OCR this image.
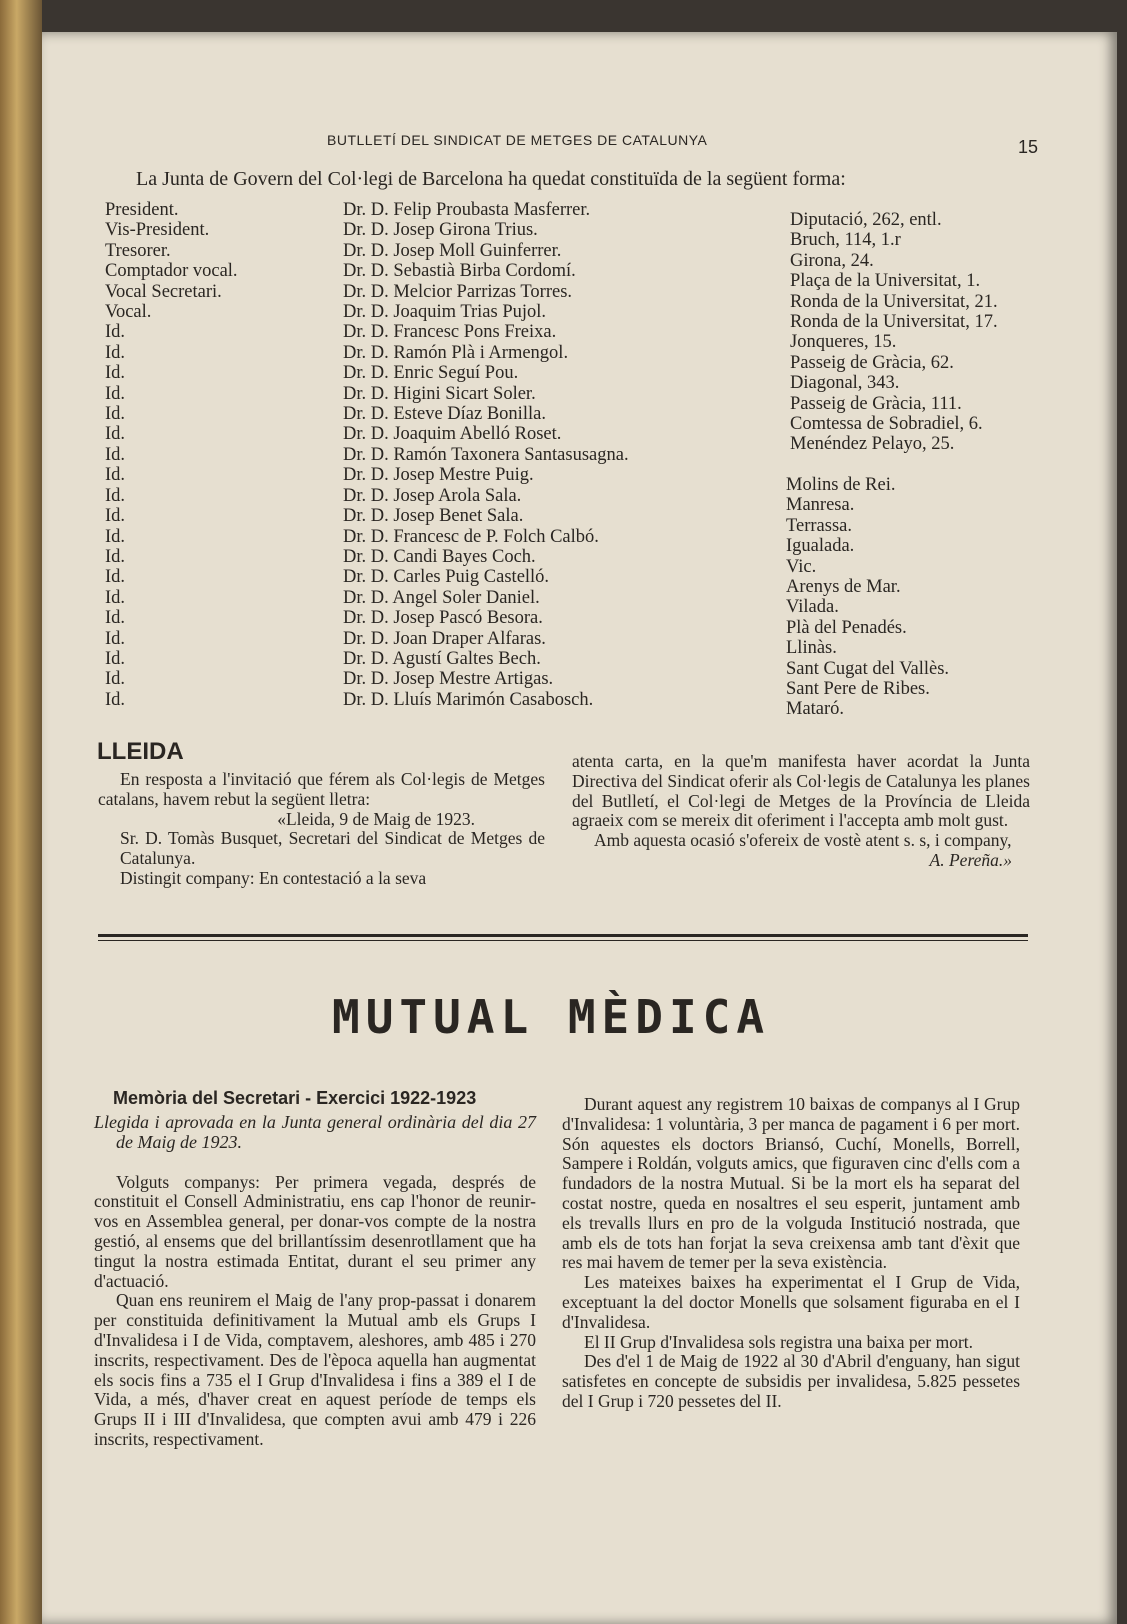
BUTLLETÍ DEL SINDICAT DE METGES DE CATALUNYA	15
La Junta de Govern del Col·legi de Barcelona ha quedat constituïda de la següent forma:
President.
Vis-President.
Tresorer.
Comptador vocal.
Vocal Secretari.
Vocal.
Id.
Id.
Id.
Id.
Id.
Id.
Id.
Id.
Id.
Id.
Id.
Id.
Id.
Id.
Id.
Id.
Id.
Id.
Id.
Dr. D. Felip Proubasta Masferrer.
Dr. D. Josep Girona Trius.
Dr. D. Josep Moll Guinferrer.
Dr. D. Sebastià Birba Cordomí.
Dr. D. Melcior Parrizas Torres.
Dr. D. Joaquim Trias Pujol.
Dr. D. Francesc Pons Freixa.
Dr. D. Ramón Plà i Armengol.
Dr. D. Enric Seguí Pou.
Dr. D. Higini Sicart Soler.
Dr. D. Esteve Díaz Bonilla.
Dr. D. Joaquim Abelló Roset.
Dr. D. Ramón Taxonera Santasusagna.
Dr. D. Josep Mestre Puig.
Dr. D. Josep Arola Sala.
Dr. D. Josep Benet Sala.
Dr. D. Francesc de P. Folch Calbó.
Dr. D. Candi Bayes Coch.
Dr. D. Carles Puig Castelló.
Dr. D. Angel Soler Daniel.
Dr. D. Josep Pascó Besora.
Dr. D. Joan Draper Alfaras.
Dr. D. Agustí Galtes Bech.
Dr. D. Josep Mestre Artigas.
Dr. D. Lluís Marimón Casabosch.
Diputació, 262, entl.
Bruch, 114, 1.r
Girona, 24.
Plaça de la Universitat, 1.
Ronda de la Universitat, 21.
Ronda de la Universitat, 17.
Jonqueres, 15.
Passeig de Gràcia, 62.
Diagonal, 343.
Passeig de Gràcia, 111.
Comtessa de Sobradiel, 6.
Menéndez Pelayo, 25.
Molins de Rei.
Manresa.
Terrassa.
Igualada.
Vic.
Arenys de Mar.
Vilada.
Plà del Penadés.
Llinàs.
Sant Cugat del Vallès.
Sant Pere de Ribes.
Mataró.
LLEIDA

En resposta a l'invitació que férem als Col·legis de Metges catalans, havem rebut la següent lletra:

«Lleida, 9 de Maig de 1923.

Sr. D. Tomàs Busquet, Secretari del Sindicat de Metges de Catalunya.

Distingit company: En contestació a la seva

atenta carta, en la que'm manifesta haver acordat la Junta Directiva del Sindicat oferir als Col·legis de Catalunya les planes del Butlletí, el Col·legi de Metges de la Província de Lleida agraeix com se mereix dit oferiment i l'accepta amb molt gust.

Amb aquesta ocasió s'ofereix de vostè atent s. s, i company,

A. Pereña.»

MUTUAL MÈDICA
Memòria del Secretari - Exercici 1922-1923

Llegida i aprovada en la Junta general ordinària del dia 27 de Maig de 1923.

Volguts companys: Per primera vegada, després de constituit el Consell Administratiu, ens cap l'honor de reunir-vos en Assemblea general, per donar-vos compte de la nostra gestió, al ensems que del brillantíssim desenrotllament que ha tingut la nostra estimada Entitat, durant el seu primer any d'actuació.

Quan ens reunirem el Maig de l'any prop-passat i donarem per constituida definitivament la Mutual amb els Grups I d'Invalidesa i I de Vida, comptavem, aleshores, amb 485 i 270 inscrits, respectivament. Des de l'època aquella han augmentat els socis fins a 735 el I Grup d'Invalidesa i fins a 389 el I de Vida, a més, d'haver creat en aquest període de temps els Grups II i III d'Invalidesa, que compten avui amb 479 i 226 inscrits, respectivament.

Durant aquest any registrem 10 baixas de companys al I Grup d'Invalidesa: 1 voluntària, 3 per manca de pagament i 6 per mort. Són aquestes els doctors Briansó, Cuchí, Monells, Borrell, Sampere i Roldán, volguts amics, que figuraven cinc d'ells com a fundadors de la nostra Mutual. Si be la mort els ha separat del costat nostre, queda en nosaltres el seu esperit, juntament amb els trevalls llurs en pro de la volguda Institució nostrada, que amb els de tots han forjat la seva creixensa amb tant d'èxit que res mai havem de temer per la seva existència.

Les mateixes baixes ha experimentat el I Grup de Vida, exceptuant la del doctor Monells que solsament figuraba en el I d'Invalidesa.

El II Grup d'Invalidesa sols registra una baixa per mort.

Des d'el 1 de Maig de 1922 al 30 d'Abril d'enguany, han sigut satisfetes en concepte de subsidis per invalidesa, 5.825 pessetes del I Grup i 720 pessetes del II.
